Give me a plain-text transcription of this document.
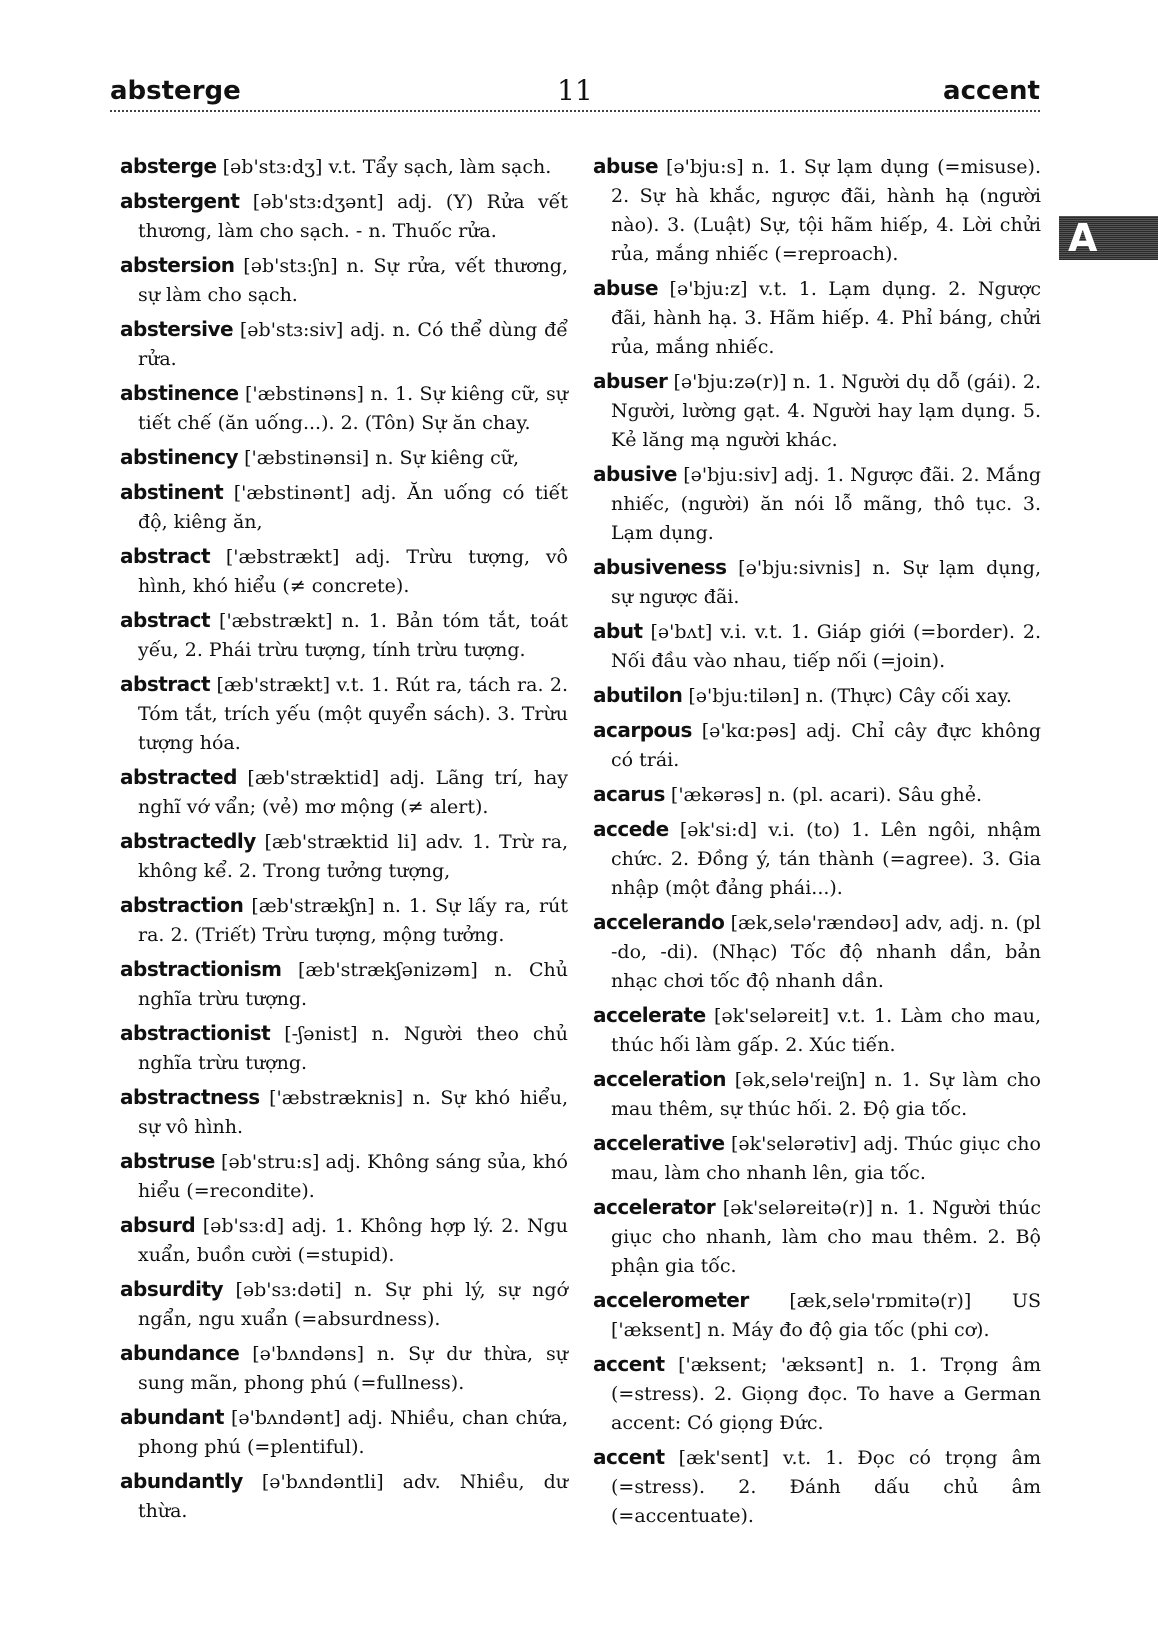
absterge	11	accent
A
absterge [əb'stɜ:dʒ] v.t. Tẩy sạch, làm sạch.
abstergent [əb'stɜ:dʒənt] adj. (Y) Rửa vết thương, làm cho sạch. - n. Thuốc rửa.
abstersion [əb'stɜ:ʃn] n. Sự rửa, vết thương, sự làm cho sạch.
abstersive [əb'stɜ:siv] adj. n. Có thể dùng để rửa.
abstinence ['æbstinəns] n. 1. Sự kiêng cữ, sự tiết chế (ăn uống...). 2. (Tôn) Sự ăn chay.
abstinency ['æbstinənsi] n. Sự kiêng cữ,
abstinent ['æbstinənt] adj. Ăn uống có tiết độ, kiêng ăn,
abstract ['æbstrækt] adj. Trừu tượng, vô hình, khó hiểu (≠ concrete).
abstract ['æbstrækt] n. 1. Bản tóm tắt, toát yếu, 2. Phái trừu tượng, tính trừu tượng.
abstract [æb'strækt] v.t. 1. Rút ra, tách ra. 2. Tóm tắt, trích yếu (một quyển sách). 3. Trừu tượng hóa.
abstracted [æb'stræktid] adj. Lãng trí, hay nghĩ vớ vẩn; (vẻ) mơ mộng (≠ alert).
abstractedly [æb'stræktid li] adv. 1. Trừ ra, không kể. 2. Trong tưởng tượng,
abstraction [æb'strækʃn] n. 1. Sự lấy ra, rút ra. 2. (Triết) Trừu tượng, mộng tưởng.
abstractionism [æb'strækʃənizəm] n. Chủ nghĩa trừu tượng.
abstractionist [-ʃənist] n. Người theo chủ nghĩa trừu tượng.
abstractness ['æbstræknis] n. Sự khó hiểu, sự vô hình.
abstruse [əb'stru:s] adj. Không sáng sủa, khó hiểu (=recondite).
absurd [əb'sɜ:d] adj. 1. Không hợp lý. 2. Ngu xuẩn, buồn cười (=stupid).
absurdity [əb'sɜ:dəti] n. Sự phi lý, sự ngớ ngẩn, ngu xuẩn (=absurdness).
abundance [ə'bʌndəns] n. Sự dư thừa, sự sung mãn, phong phú (=fullness).
abundant [ə'bʌndənt] adj. Nhiều, chan chứa, phong phú (=plentiful).
abundantly [ə'bʌndəntli] adv. Nhiều, dư thừa.
abuse [ə'bju:s] n. 1. Sự lạm dụng (=misuse). 2. Sự hà khắc, ngược đãi, hành hạ (người nào). 3. (Luật) Sự, tội hãm hiếp, 4. Lời chửi rủa, mắng nhiếc (=reproach).
abuse [ə'bju:z] v.t. 1. Lạm dụng. 2. Ngược đãi, hành hạ. 3. Hãm hiếp. 4. Phỉ báng, chửi rủa, mắng nhiếc.
abuser [ə'bju:zə(r)] n. 1. Người dụ dỗ (gái). 2. Người, lường gạt. 4. Người hay lạm dụng. 5. Kẻ lăng mạ người khác.
abusive [ə'bju:siv] adj. 1. Ngược đãi. 2. Mắng nhiếc, (người) ăn nói lỗ mãng, thô tục. 3. Lạm dụng.
abusiveness [ə'bju:sivnis] n. Sự lạm dụng, sự ngược đãi.
abut [ə'bʌt] v.i. v.t. 1. Giáp giới (=border). 2. Nối đầu vào nhau, tiếp nối (=join).
abutilon [ə'bju:tilən] n. (Thực) Cây cối xay.
acarpous [ə'kɑ:pəs] adj. Chỉ cây đực không có trái.
acarus ['ækərəs] n. (pl. acari). Sâu ghẻ.
accede [ək'si:d] v.i. (to) 1. Lên ngôi, nhậm chức. 2. Đồng ý, tán thành (=agree). 3. Gia nhập (một đảng phái...).
accelerando [æk,selə'rændəʊ] adv, adj. n. (pl -do, -di). (Nhạc) Tốc độ nhanh dần, bản nhạc chơi tốc độ nhanh dần.
accelerate [ək'seləreit] v.t. 1. Làm cho mau, thúc hối làm gấp. 2. Xúc tiến.
acceleration [ək,selə'reiʃn] n. 1. Sự làm cho mau thêm, sự thúc hối. 2. Độ gia tốc.
accelerative [ək'selərətiv] adj. Thúc giục cho mau, làm cho nhanh lên, gia tốc.
accelerator [ək'seləreitə(r)] n. 1. Người thúc giục cho nhanh, làm cho mau thêm. 2. Bộ phận gia tốc.
accelerometer [æk,selə'rɒmitə(r)] US ['æksent] n. Máy đo độ gia tốc (phi cơ).
accent ['æksent; 'æksənt] n. 1. Trọng âm (=stress). 2. Giọng đọc. To have a German accent: Có giọng Đức.
accent [æk'sent] v.t. 1. Đọc có trọng âm (=stress). 2. Đánh dấu chủ âm (=accentuate).
